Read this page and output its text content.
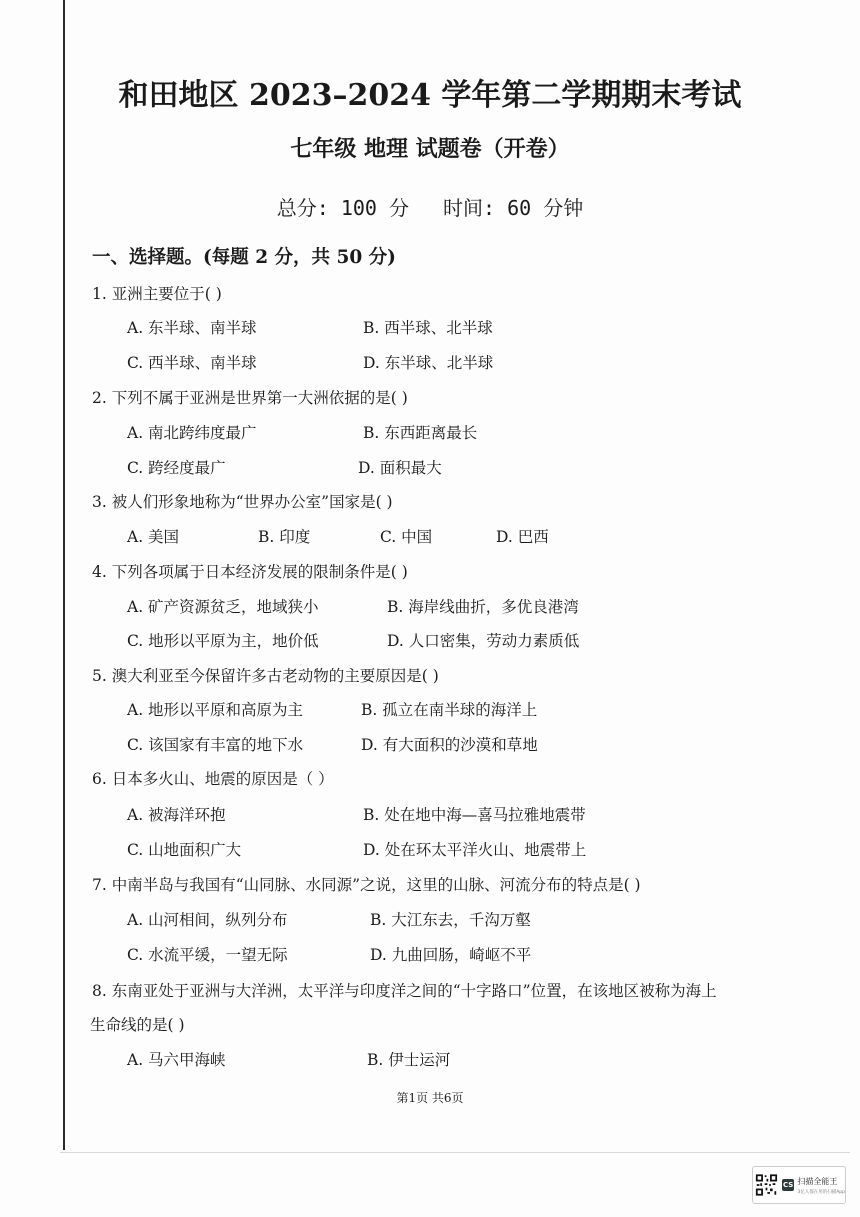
和田地区 2023–2024 学年第二学期期末考试
七年级 地理 试题卷（开卷）
总分: 100 分 时间: 60 分钟
一、选择题。(每题 2 分，共 50 分)
1. 亚洲主要位于( )
A. 东半球、南半球	B. 西半球、北半球
C. 西半球、南半球	D. 东半球、北半球
2. 下列不属于亚洲是世界第一大洲依据的是( )
A. 南北跨纬度最广	B. 东西距离最长
C. 跨经度最广	D. 面积最大
3. 被人们形象地称为“世界办公室”国家是( )
A. 美国	B. 印度	C. 中国	D. 巴西
4. 下列各项属于日本经济发展的限制条件是( )
A. 矿产资源贫乏，地域狭小	B. 海岸线曲折，多优良港湾
C. 地形以平原为主，地价低	D. 人口密集，劳动力素质低
5. 澳大利亚至今保留许多古老动物的主要原因是( )
A. 地形以平原和高原为主	B. 孤立在南半球的海洋上
C. 该国家有丰富的地下水	D. 有大面积的沙漠和草地
6. 日本多火山、地震的原因是（ ）
A. 被海洋环抱	B. 处在地中海—喜马拉雅地震带
C. 山地面积广大	D. 处在环太平洋火山、地震带上
7. 中南半岛与我国有“山同脉、水同源”之说，这里的山脉、河流分布的特点是( )
A. 山河相间，纵列分布	B. 大江东去，千沟万壑
C. 水流平缓，一望无际	D. 九曲回肠，崎岖不平
8. 东南亚处于亚洲与大洋洲，太平洋与印度洋之间的“十字路口”位置，在该地区被称为海上
生命线的是( )
A. 马六甲海峡	B. 伊士运河
第1页 共6页
CS 扫描全能王
3亿人都在用的扫描App
